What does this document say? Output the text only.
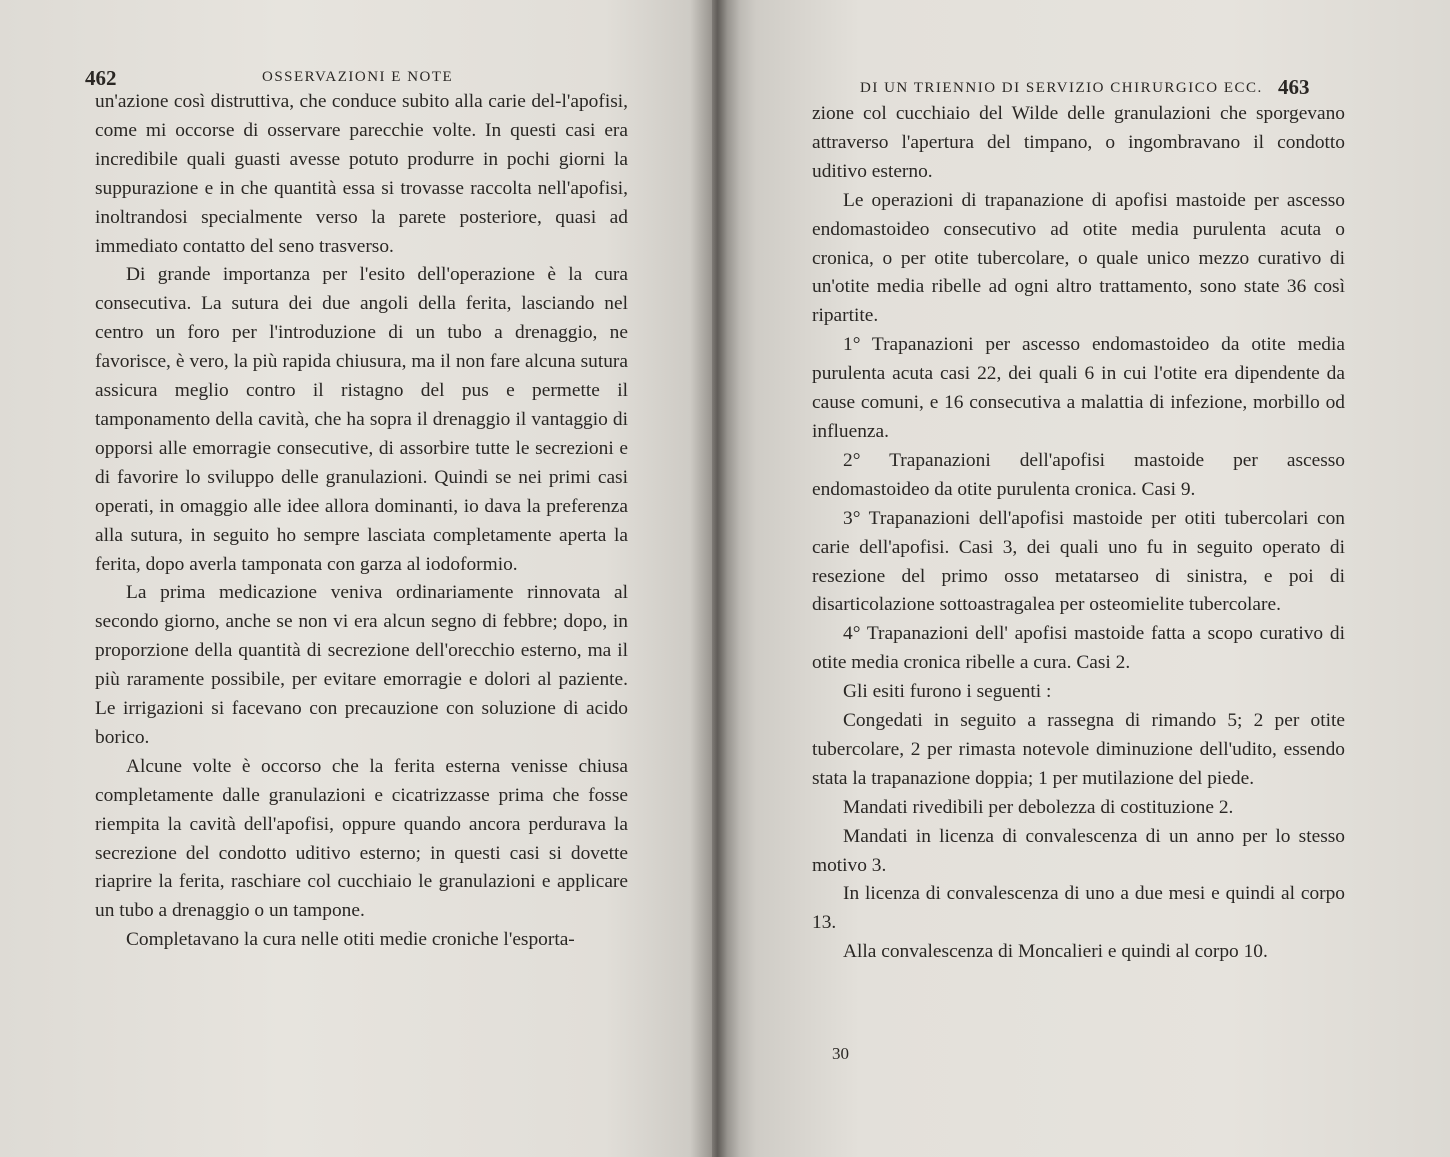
462	OSSERVAZIONI E NOTE

un'azione così distruttiva, che conduce subito alla carie del-l'apofisi, come mi occorse di osservare parecchie volte. In questi casi era incredibile quali guasti avesse potuto produrre in pochi giorni la suppurazione e in che quantità essa si trovasse raccolta nell'apofisi, inoltrandosi specialmente verso la parete posteriore, quasi ad immediato contatto del seno trasverso.

Di grande importanza per l'esito dell'operazione è la cura consecutiva. La sutura dei due angoli della ferita, lasciando nel centro un foro per l'introduzione di un tubo a drenaggio, ne favorisce, è vero, la più rapida chiusura, ma il non fare alcuna sutura assicura meglio contro il ristagno del pus e permette il tamponamento della cavità, che ha sopra il drenaggio il vantaggio di opporsi alle emorragie consecutive, di assorbire tutte le secrezioni e di favorire lo sviluppo delle granulazioni. Quindi se nei primi casi operati, in omaggio alle idee allora dominanti, io dava la preferenza alla sutura, in seguito ho sempre lasciata completamente aperta la ferita, dopo averla tamponata con garza al iodoformio.

La prima medicazione veniva ordinariamente rinnovata al secondo giorno, anche se non vi era alcun segno di febbre; dopo, in proporzione della quantità di secrezione dell'orecchio esterno, ma il più raramente possibile, per evitare emorragie e dolori al paziente. Le irrigazioni si facevano con precauzione con soluzione di acido borico.

Alcune volte è occorso che la ferita esterna venisse chiusa completamente dalle granulazioni e cicatrizzasse prima che fosse riempita la cavità dell'apofisi, oppure quando ancora perdurava la secrezione del condotto uditivo esterno; in questi casi si dovette riaprire la ferita, raschiare col cucchiaio le granulazioni e applicare un tubo a drenaggio o un tampone.

Completavano la cura nelle otiti medie croniche l'esporta-

DI UN TRIENNIO DI SERVIZIO CHIRURGICO ECC. 463

zione col cucchiaio del Wilde delle granulazioni che sporgevano attraverso l'apertura del timpano, o ingombravano il condotto uditivo esterno.

Le operazioni di trapanazione di apofisi mastoide per ascesso endomastoideo consecutivo ad otite media purulenta acuta o cronica, o per otite tubercolare, o quale unico mezzo curativo di un'otite media ribelle ad ogni altro trattamento, sono state 36 così ripartite.

1° Trapanazioni per ascesso endomastoideo da otite media purulenta acuta casi 22, dei quali 6 in cui l'otite era dipendente da cause comuni, e 16 consecutiva a malattia di infezione, morbillo od influenza.

2° Trapanazioni dell'apofisi mastoide per ascesso endomastoideo da otite purulenta cronica. Casi 9.

3° Trapanazioni dell'apofisi mastoide per otiti tubercolari con carie dell'apofisi. Casi 3, dei quali uno fu in seguito operato di resezione del primo osso metatarseo di sinistra, e poi di disarticolazione sottoastragalea per osteomielite tubercolare.

4° Trapanazioni dell' apofisi mastoide fatta a scopo curativo di otite media cronica ribelle a cura. Casi 2.

Gli esiti furono i seguenti :

Congedati in seguito a rassegna di rimando 5; 2 per otite tubercolare, 2 per rimasta notevole diminuzione dell'udito, essendo stata la trapanazione doppia; 1 per mutilazione del piede.

Mandati rivedibili per debolezza di costituzione 2.

Mandati in licenza di convalescenza di un anno per lo stesso motivo 3.

In licenza di convalescenza di uno a due mesi e quindi al corpo 13.

Alla convalescenza di Moncalieri e quindi al corpo 10.

30
